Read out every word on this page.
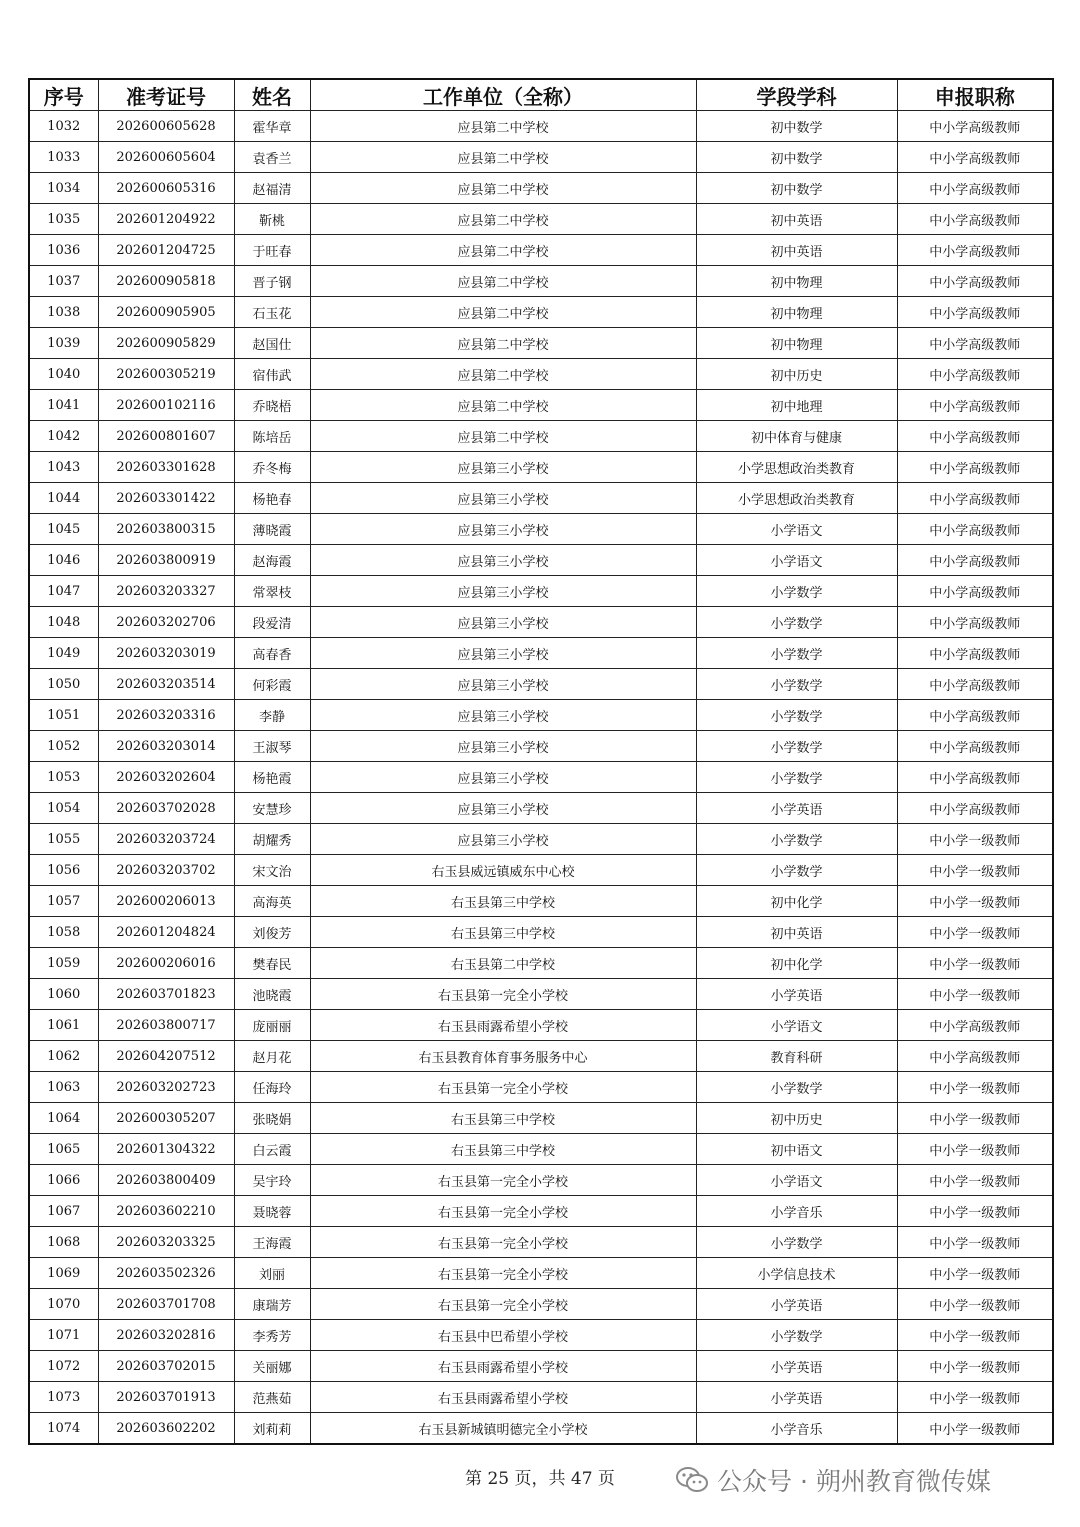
序号	准考证号	姓名	工作单位（全称）	学段学科	申报职称
1032	202600605628	霍华章	应县第二中学校	初中数学	中小学高级教师
1033	202600605604	袁香兰	应县第二中学校	初中数学	中小学高级教师
1034	202600605316	赵福清	应县第二中学校	初中数学	中小学高级教师
1035	202601204922	靳桃	应县第二中学校	初中英语	中小学高级教师
1036	202601204725	于旺春	应县第二中学校	初中英语	中小学高级教师
1037	202600905818	晋子钢	应县第二中学校	初中物理	中小学高级教师
1038	202600905905	石玉花	应县第二中学校	初中物理	中小学高级教师
1039	202600905829	赵国仕	应县第二中学校	初中物理	中小学高级教师
1040	202600305219	宿伟武	应县第二中学校	初中历史	中小学高级教师
1041	202600102116	乔晓梧	应县第二中学校	初中地理	中小学高级教师
1042	202600801607	陈培岳	应县第二中学校	初中体育与健康	中小学高级教师
1043	202603301628	乔冬梅	应县第三小学校	小学思想政治类教育	中小学高级教师
1044	202603301422	杨艳春	应县第三小学校	小学思想政治类教育	中小学高级教师
1045	202603800315	薄晓霞	应县第三小学校	小学语文	中小学高级教师
1046	202603800919	赵海霞	应县第三小学校	小学语文	中小学高级教师
1047	202603203327	常翠枝	应县第三小学校	小学数学	中小学高级教师
1048	202603202706	段爱清	应县第三小学校	小学数学	中小学高级教师
1049	202603203019	高春香	应县第三小学校	小学数学	中小学高级教师
1050	202603203514	何彩霞	应县第三小学校	小学数学	中小学高级教师
1051	202603203316	李静	应县第三小学校	小学数学	中小学高级教师
1052	202603203014	王淑琴	应县第三小学校	小学数学	中小学高级教师
1053	202603202604	杨艳霞	应县第三小学校	小学数学	中小学高级教师
1054	202603702028	安慧珍	应县第三小学校	小学英语	中小学高级教师
1055	202603203724	胡耀秀	应县第三小学校	小学数学	中小学一级教师
1056	202603203702	宋文治	右玉县威远镇威东中心校	小学数学	中小学一级教师
1057	202600206013	高海英	右玉县第三中学校	初中化学	中小学一级教师
1058	202601204824	刘俊芳	右玉县第三中学校	初中英语	中小学一级教师
1059	202600206016	樊春民	右玉县第二中学校	初中化学	中小学一级教师
1060	202603701823	池晓霞	右玉县第一完全小学校	小学英语	中小学一级教师
1061	202603800717	庞丽丽	右玉县雨露希望小学校	小学语文	中小学高级教师
1062	202604207512	赵月花	右玉县教育体育事务服务中心	教育科研	中小学高级教师
1063	202603202723	任海玲	右玉县第一完全小学校	小学数学	中小学一级教师
1064	202600305207	张晓娟	右玉县第三中学校	初中历史	中小学一级教师
1065	202601304322	白云霞	右玉县第三中学校	初中语文	中小学一级教师
1066	202603800409	吴宇玲	右玉县第一完全小学校	小学语文	中小学一级教师
1067	202603602210	聂晓蓉	右玉县第一完全小学校	小学音乐	中小学一级教师
1068	202603203325	王海霞	右玉县第一完全小学校	小学数学	中小学一级教师
1069	202603502326	刘丽	右玉县第一完全小学校	小学信息技术	中小学一级教师
1070	202603701708	康瑞芳	右玉县第一完全小学校	小学英语	中小学一级教师
1071	202603202816	李秀芳	右玉县中巴希望小学校	小学数学	中小学一级教师
1072	202603702015	关丽娜	右玉县雨露希望小学校	小学英语	中小学一级教师
1073	202603701913	范燕茹	右玉县雨露希望小学校	小学英语	中小学一级教师
1074	202603602202	刘莉莉	右玉县新城镇明德完全小学校	小学音乐	中小学一级教师
第 25 页，共 47 页	公众号 · 朔州教育微传媒
